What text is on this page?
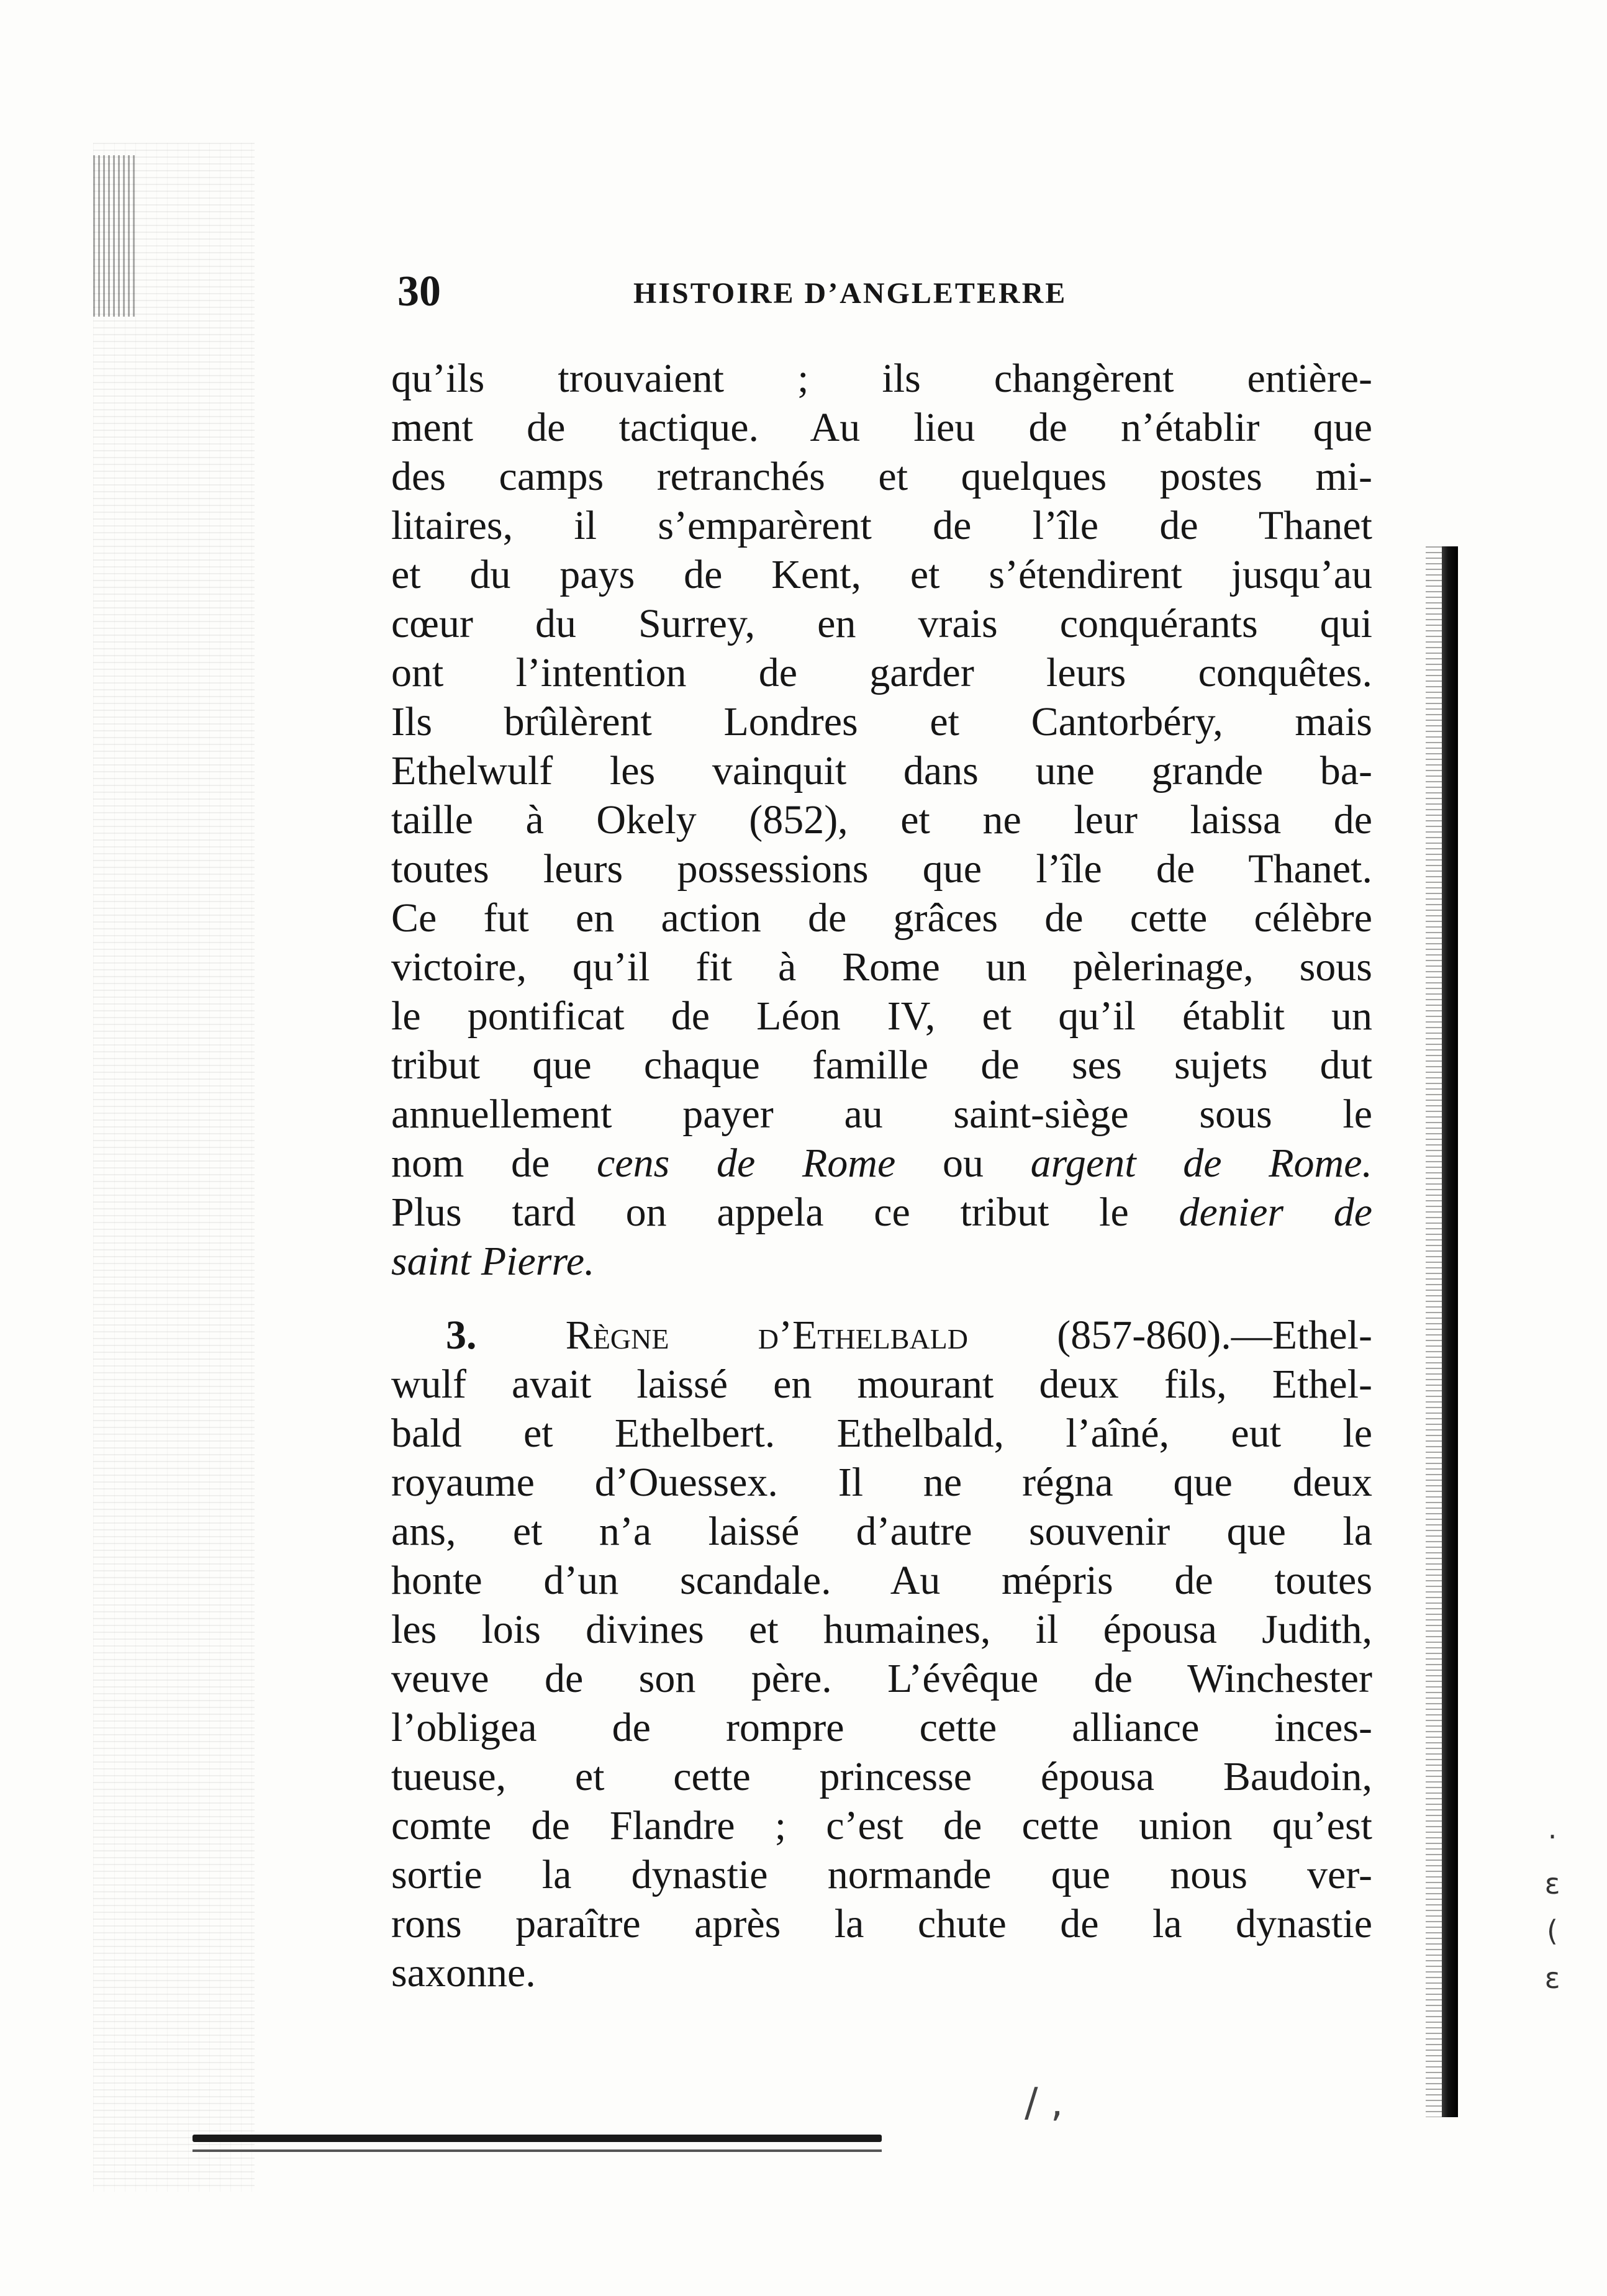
·
ɛ
(
ε
/ ,
30	HISTOIRE D’ANGLETERRE
qu’ils trouvaient ; ils changèrent entière-
ment de tactique. Au lieu de n’établir que
des camps retranchés et quelques postes mi-
litaires, il s’emparèrent de l’île de Thanet
et du pays de Kent, et s’étendirent jusqu’au
cœur du Surrey, en vrais conquérants qui
ont l’intention de garder leurs conquêtes.
Ils brûlèrent Londres et Cantorbéry, mais
Ethelwulf les vainquit dans une grande ba-
taille à Okely (852), et ne leur laissa de
toutes leurs possessions que l’île de Thanet.
Ce fut en action de grâces de cette célèbre
victoire, qu’il fit à Rome un pèlerinage, sous
le pontificat de Léon IV, et qu’il établit un
tribut que chaque famille de ses sujets dut
annuellement payer au saint-siège sous le
nom de cens de Rome ou argent de Rome.
Plus tard on appela ce tribut le denier de
saint Pierre.
3. Règne d’Ethelbald (857-860).—Ethel-
wulf avait laissé en mourant deux fils, Ethel-
bald et Ethelbert. Ethelbald, l’aîné, eut le
royaume d’Ouessex. Il ne régna que deux
ans, et n’a laissé d’autre souvenir que la
honte d’un scandale. Au mépris de toutes
les lois divines et humaines, il épousa Judith,
veuve de son père. L’évêque de Winchester
l’obligea de rompre cette alliance inces-
tueuse, et cette princesse épousa Baudoin,
comte de Flandre ; c’est de cette union qu’est
sortie la dynastie normande que nous ver-
rons paraître après la chute de la dynastie
saxonne.
